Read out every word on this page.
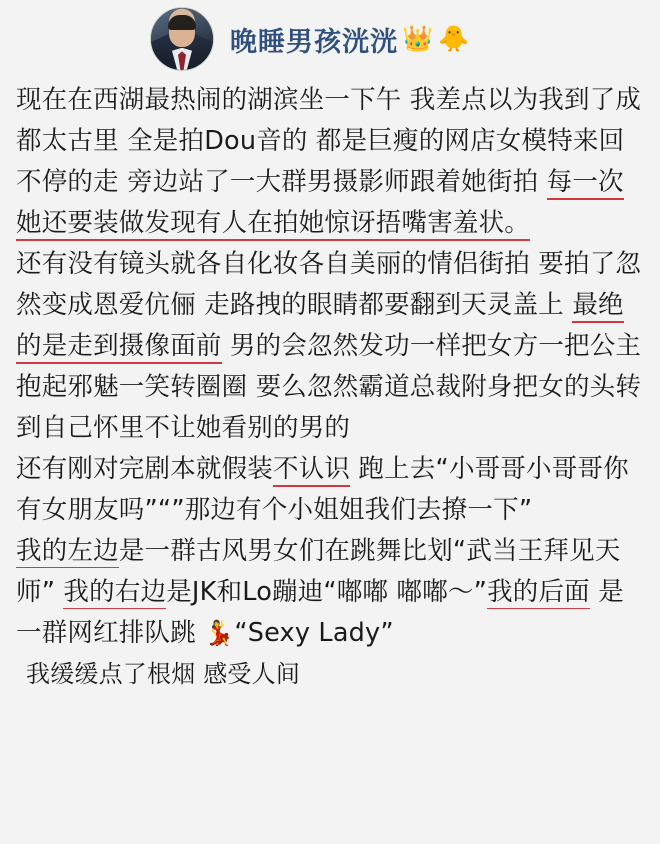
晚睡男孩洸洸 👑 🐥

现在在西湖最热闹的湖滨坐一下午 我差点以为我到了成都太古里 全是拍Dou音的 都是巨瘦的网店女模特来回不停的走 旁边站了一大群男摄影师跟着她街拍 每一次她还要装做发现有人在拍她惊讶捂嘴害羞状。

还有没有镜头就各自化妆各自美丽的情侣街拍 要拍了忽然变成恩爱伉俪 走路拽的眼睛都要翻到天灵盖上 最绝的是走到摄像面前 男的会忽然发功一样把女方一把公主抱起邪魅一笑转圈圈 要么忽然霸道总裁附身把女的头转到自己怀里不让她看别的男的

还有刚对完剧本就假装不认识 跑上去“小哥哥小哥哥你有女朋友吗”“”那边有个小姐姐我们去撩一下”

我的左边是一群古风男女们在跳舞比划“武当王拜见天师” 我的右边是JK和Lo蹦迪“嘟嘟 嘟嘟～”我的后面 是一群网红排队跳 💃“Sexy Lady”

我缓缓点了根烟 感受人间
